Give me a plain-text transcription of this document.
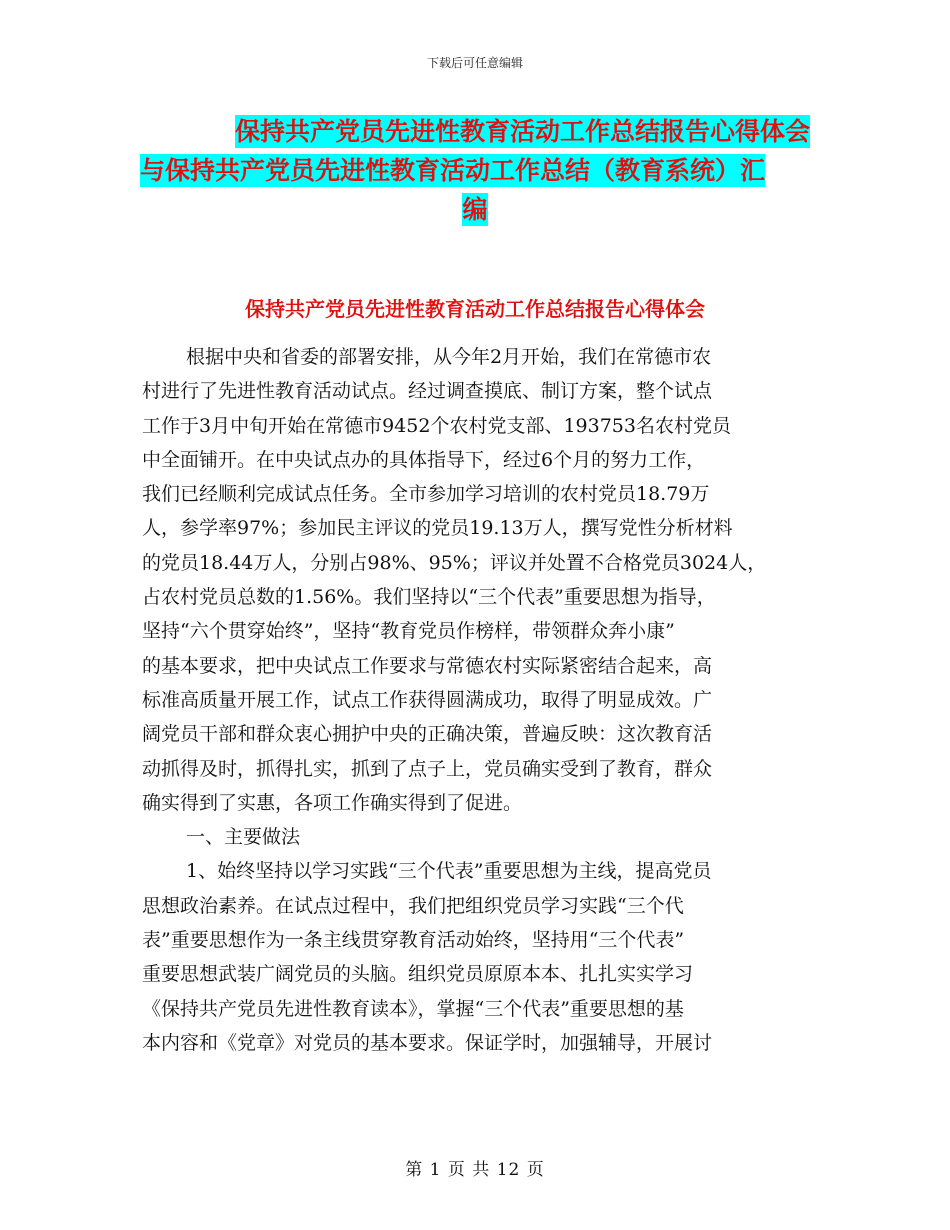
下载后可任意编辑
保持共产党员先进性教育活动工作总结报告心得体会
与保持共产党员先进性教育活动工作总结（教育系统）汇
编
保持共产党员先进性教育活动工作总结报告心得体会
根据中央和省委的部署安排，从今年2月开始，我们在常德市农
村进行了先进性教育活动试点。经过调查摸底、制订方案，整个试点
工作于3月中旬开始在常德市9452个农村党支部、193753名农村党员
中全面铺开。在中央试点办的具体指导下，经过6个月的努力工作，
我们已经顺利完成试点任务。全市参加学习培训的农村党员18.79万
人，参学率97%；参加民主评议的党员19.13万人，撰写党性分析材料
的党员18.44万人，分别占98%、95%；评议并处置不合格党员3024人，
占农村党员总数的1.56%。我们坚持以“三个代表”重要思想为指导，
坚持“六个贯穿始终”，坚持“教育党员作榜样，带领群众奔小康”
的基本要求，把中央试点工作要求与常德农村实际紧密结合起来，高
标准高质量开展工作，试点工作获得圆满成功，取得了明显成效。广
阔党员干部和群众衷心拥护中央的正确决策，普遍反映：这次教育活
动抓得及时，抓得扎实，抓到了点子上，党员确实受到了教育，群众
确实得到了实惠，各项工作确实得到了促进。
一、主要做法
1、始终坚持以学习实践“三个代表”重要思想为主线，提高党员
思想政治素养。在试点过程中，我们把组织党员学习实践“三个代
表”重要思想作为一条主线贯穿教育活动始终，坚持用“三个代表”
重要思想武装广阔党员的头脑。组织党员原原本本、扎扎实实学习
《保持共产党员先进性教育读本》，掌握“三个代表”重要思想的基
本内容和《党章》对党员的基本要求。保证学时，加强辅导，开展讨
第 1 页 共 12 页
